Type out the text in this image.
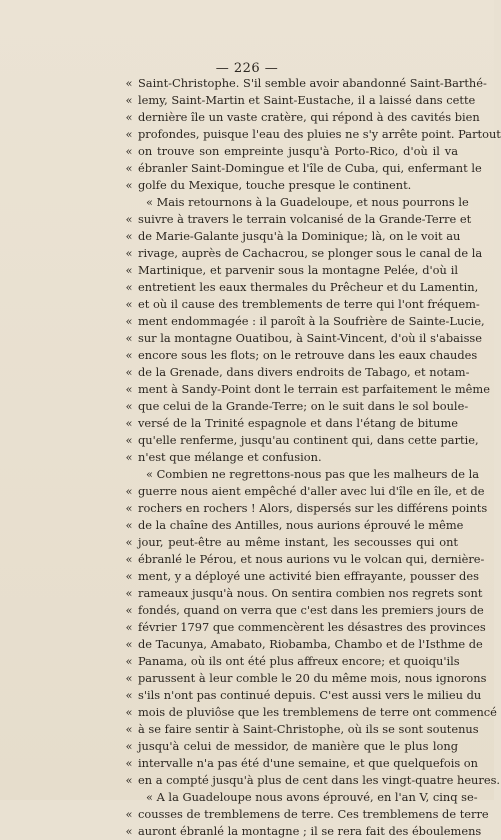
— 226 —
« Saint-Christophe. S'il semble avoir abandonné Saint-Barthé-
« lemy, Saint-Martin et Saint-Eustache, il a laissé dans cette
« dernière île un vaste cratère, qui répond à des cavités bien
« profondes, puisque l'eau des pluies ne s'y arrête point. Partout
« on trouve son empreinte jusqu'à Porto-Rico, d'où il va
« ébranler Saint-Domingue et l'île de Cuba, qui, enfermant le
« golfe du Mexique, touche presque le continent.
« Mais retournons à la Guadeloupe, et nous pourrons le
« suivre à travers le terrain volcanisé de la Grande-Terre et
« de Marie-Galante jusqu'à la Dominique; là, on le voit au
« rivage, auprès de Cachacrou, se plonger sous le canal de la
« Martinique, et parvenir sous la montagne Pelée, d'où il
« entretient les eaux thermales du Prêcheur et du Lamentin,
« et où il cause des tremblements de terre qui l'ont fréquem-
« ment endommagée : il paroît à la Soufrière de Sainte-Lucie,
« sur la montagne Ouatibou, à Saint-Vincent, d'où il s'abaisse
« encore sous les flots; on le retrouve dans les eaux chaudes
« de la Grenade, dans divers endroits de Tabago, et notam-
« ment à Sandy-Point dont le terrain est parfaitement le même
« que celui de la Grande-Terre; on le suit dans le sol boule-
« versé de la Trinité espagnole et dans l'étang de bitume
« qu'elle renferme, jusqu'au continent qui, dans cette partie,
« n'est que mélange et confusion.
« Combien ne regrettons-nous pas que les malheurs de la
« guerre nous aient empêché d'aller avec lui d'île en île, et de
« rochers en rochers ! Alors, dispersés sur les différens points
« de la chaîne des Antilles, nous aurions éprouvé le même
« jour, peut-être au même instant, les secousses qui ont
« ébranlé le Pérou, et nous aurions vu le volcan qui, dernière-
« ment, y a déployé une activité bien effrayante, pousser des
« rameaux jusqu'à nous. On sentira combien nos regrets sont
« fondés, quand on verra que c'est dans les premiers jours de
« février 1797 que commencèrent les désastres des provinces
« de Tacunya, Amabato, Riobamba, Chambo et de l'Isthme de
« Panama, où ils ont été plus affreux encore; et quoiqu'ils
« parussent à leur comble le 20 du même mois, nous ignorons
« s'ils n'ont pas continué depuis. C'est aussi vers le milieu du
« mois de pluviôse que les tremblemens de terre ont commencé
« à se faire sentir à Saint-Christophe, où ils se sont soutenus
« jusqu'à celui de messidor, de manière que le plus long
« intervalle n'a pas été d'une semaine, et que quelquefois on
« en a compté jusqu'à plus de cent dans les vingt-quatre heures.
« A la Guadeloupe nous avons éprouvé, en l'an V, cinq se-
« cousses de tremblemens de terre. Ces tremblemens de terre
« auront ébranlé la montagne ; il se rera fait des éboulemens
